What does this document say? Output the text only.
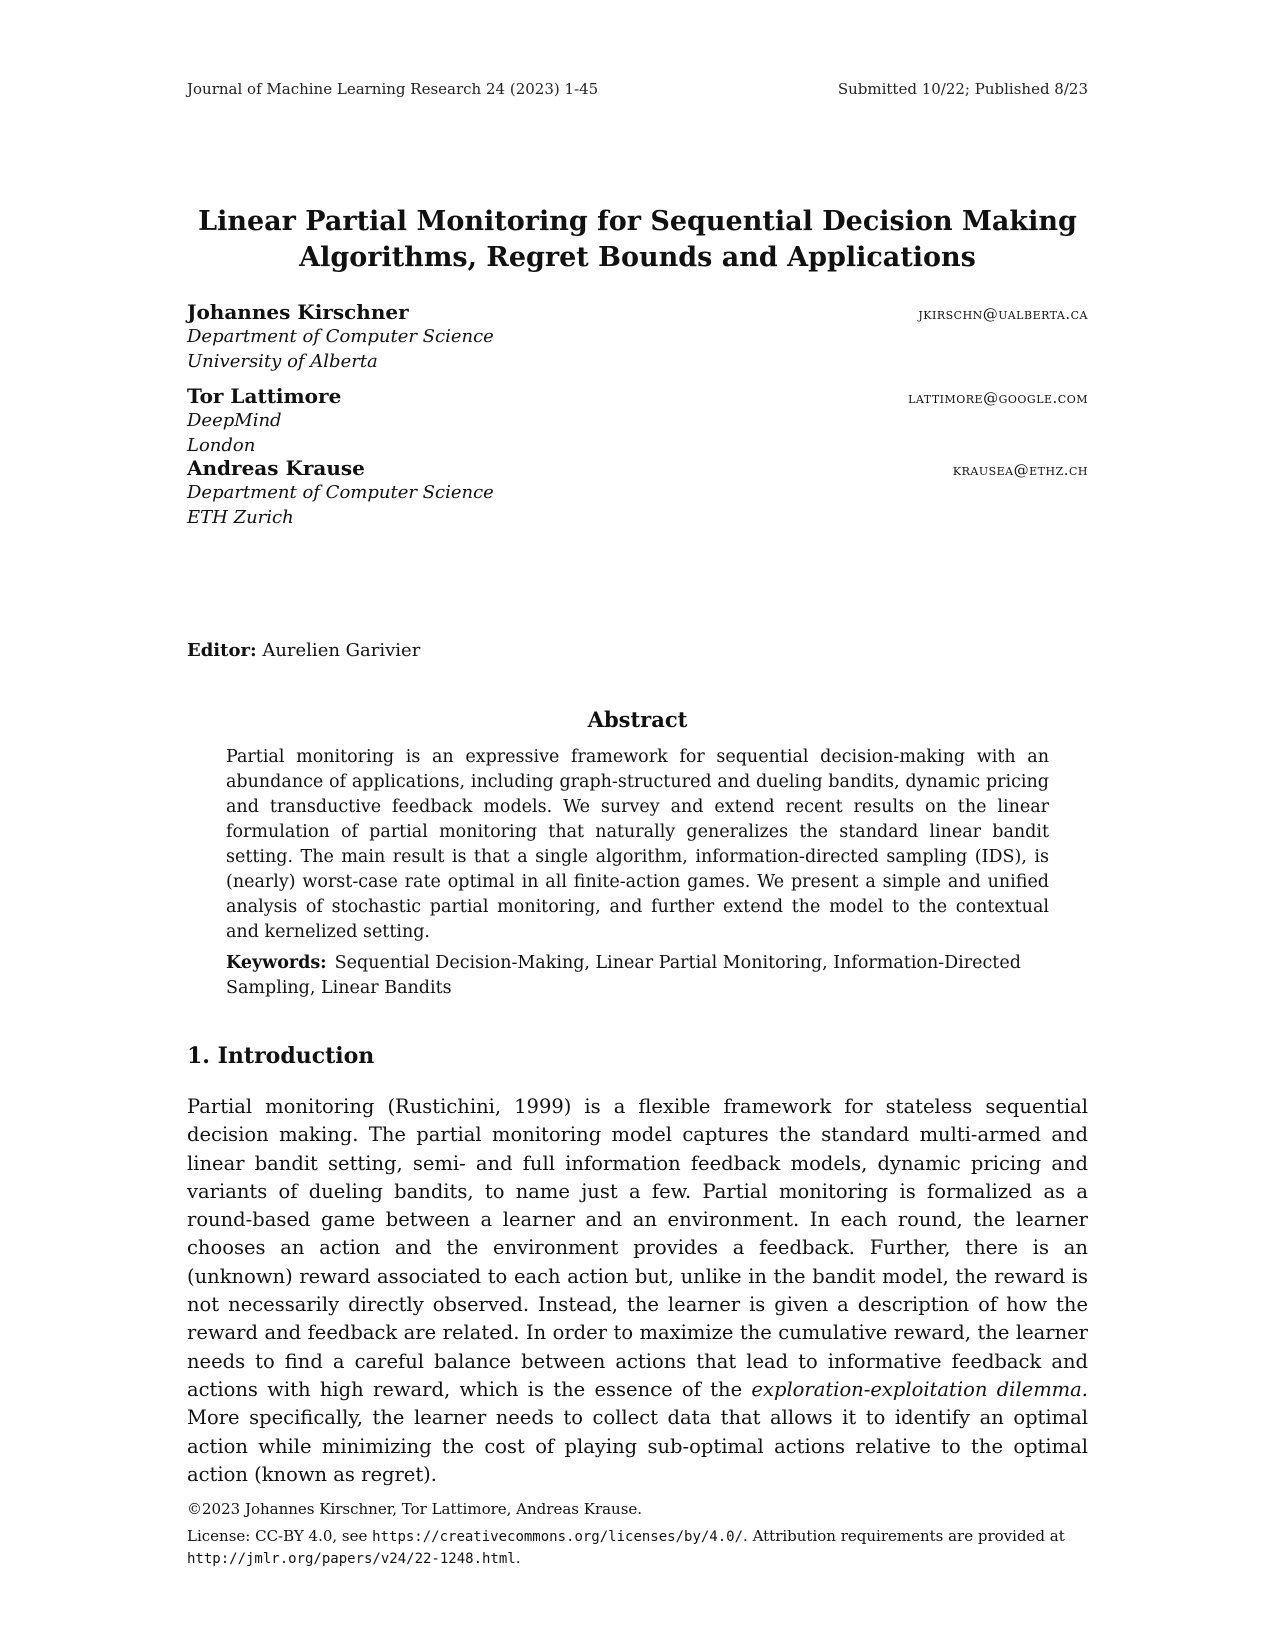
Journal of Machine Learning Research 24 (2023) 1-45	Submitted 10/22; Published 8/23
Linear Partial Monitoring for Sequential Decision Making
Algorithms, Regret Bounds and Applications
Johannes Kirschner	jkirschn@ualberta.ca
Department of Computer Science
University of Alberta
Tor Lattimore	lattimore@google.com
DeepMind
London
Andreas Krause	krausea@ethz.ch
Department of Computer Science
ETH Zurich
Editor: Aurelien Garivier
Abstract

Partial monitoring is an expressive framework for sequential decision-making with an abundance of applications, including graph-structured and dueling bandits, dynamic pricing and transductive feedback models. We survey and extend recent results on the linear formulation of partial monitoring that naturally generalizes the standard linear bandit setting. The main result is that a single algorithm, information-directed sampling (IDS), is (nearly) worst-case rate optimal in all finite-action games. We present a simple and unified analysis of stochastic partial monitoring, and further extend the model to the contextual and kernelized setting.

Keywords: Sequential Decision-Making, Linear Partial Monitoring, Information-Directed Sampling, Linear Bandits

1. Introduction

Partial monitoring (Rustichini, 1999) is a flexible framework for stateless sequential decision making. The partial monitoring model captures the standard multi-armed and linear bandit setting, semi- and full information feedback models, dynamic pricing and variants of dueling bandits, to name just a few. Partial monitoring is formalized as a round-based game between a learner and an environment. In each round, the learner chooses an action and the environment provides a feedback. Further, there is an (unknown) reward associated to each action but, unlike in the bandit model, the reward is not necessarily directly observed. Instead, the learner is given a description of how the reward and feedback are related. In order to maximize the cumulative reward, the learner needs to find a careful balance between actions that lead to informative feedback and actions with high reward, which is the essence of the exploration-exploitation dilemma. More specifically, the learner needs to collect data that allows it to identify an optimal action while minimizing the cost of playing sub-optimal actions relative to the optimal action (known as regret).

©2023 Johannes Kirschner, Tor Lattimore, Andreas Krause.

License: CC-BY 4.0, see https://creativecommons.org/licenses/by/4.0/. Attribution requirements are provided at http://jmlr.org/papers/v24/22-1248.html.
